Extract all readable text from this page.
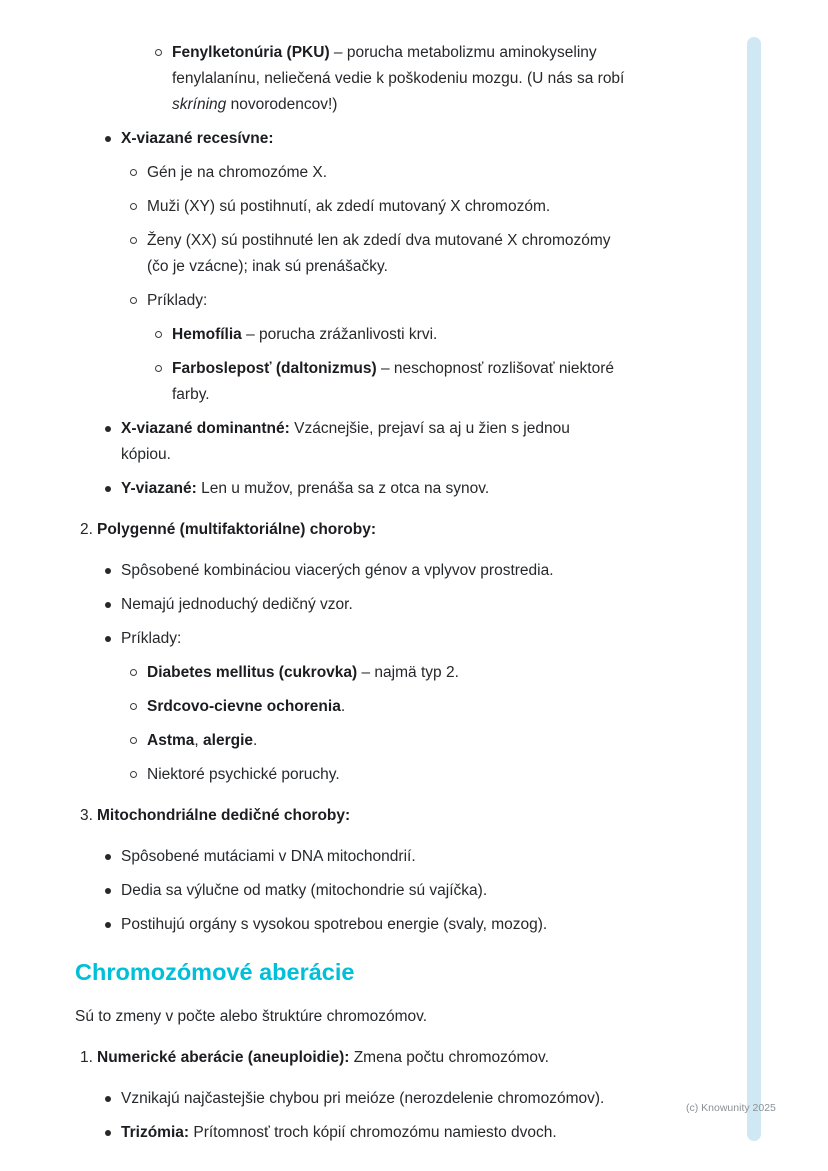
Fenylketonúria (PKU) – porucha metabolizmu aminokyseliny
fenylalanínu, neliečená vedie k poškodeniu mozgu. (U nás sa robí
skríning novorodencov!)
X-viazané recesívne:
Gén je na chromozóme X.
Muži (XY) sú postihnutí, ak zdedí mutovaný X chromozóm.
Ženy (XX) sú postihnuté len ak zdedí dva mutované X chromozómy
(čo je vzácne); inak sú prenášačky.
Príklady:
Hemofília – porucha zrážanlivosti krvi.
Farbosleposť (daltonizmus) – neschopnosť rozlišovať niektoré
farby.
X-viazané dominantné: Vzácnejšie, prejaví sa aj u žien s jednou
kópiou.
Y-viazané: Len u mužov, prenáša sa z otca na synov.
2. Polygenné (multifaktoriálne) choroby:
Spôsobené kombináciou viacerých génov a vplyvov prostredia.
Nemajú jednoduchý dedičný vzor.
Príklady:
Diabetes mellitus (cukrovka) – najmä typ 2.
Srdcovo-cievne ochorenia.
Astma, alergie.
Niektoré psychické poruchy.
3. Mitochondriálne dedičné choroby:
Spôsobené mutáciami v DNA mitochondrií.
Dedia sa výlučne od matky (mitochondrie sú vajíčka).
Postihujú orgány s vysokou spotrebou energie (svaly, mozog).
Chromozómové aberácie

Sú to zmeny v počte alebo štruktúre chromozómov.

1. Numerické aberácie (aneuploidie): Zmena počtu chromozómov.
Vznikajú najčastejšie chybou pri meióze (nerozdelenie chromozómov).
Trizómia: Prítomnosť troch kópií chromozómu namiesto dvoch.
(c) Knowunity 2025
